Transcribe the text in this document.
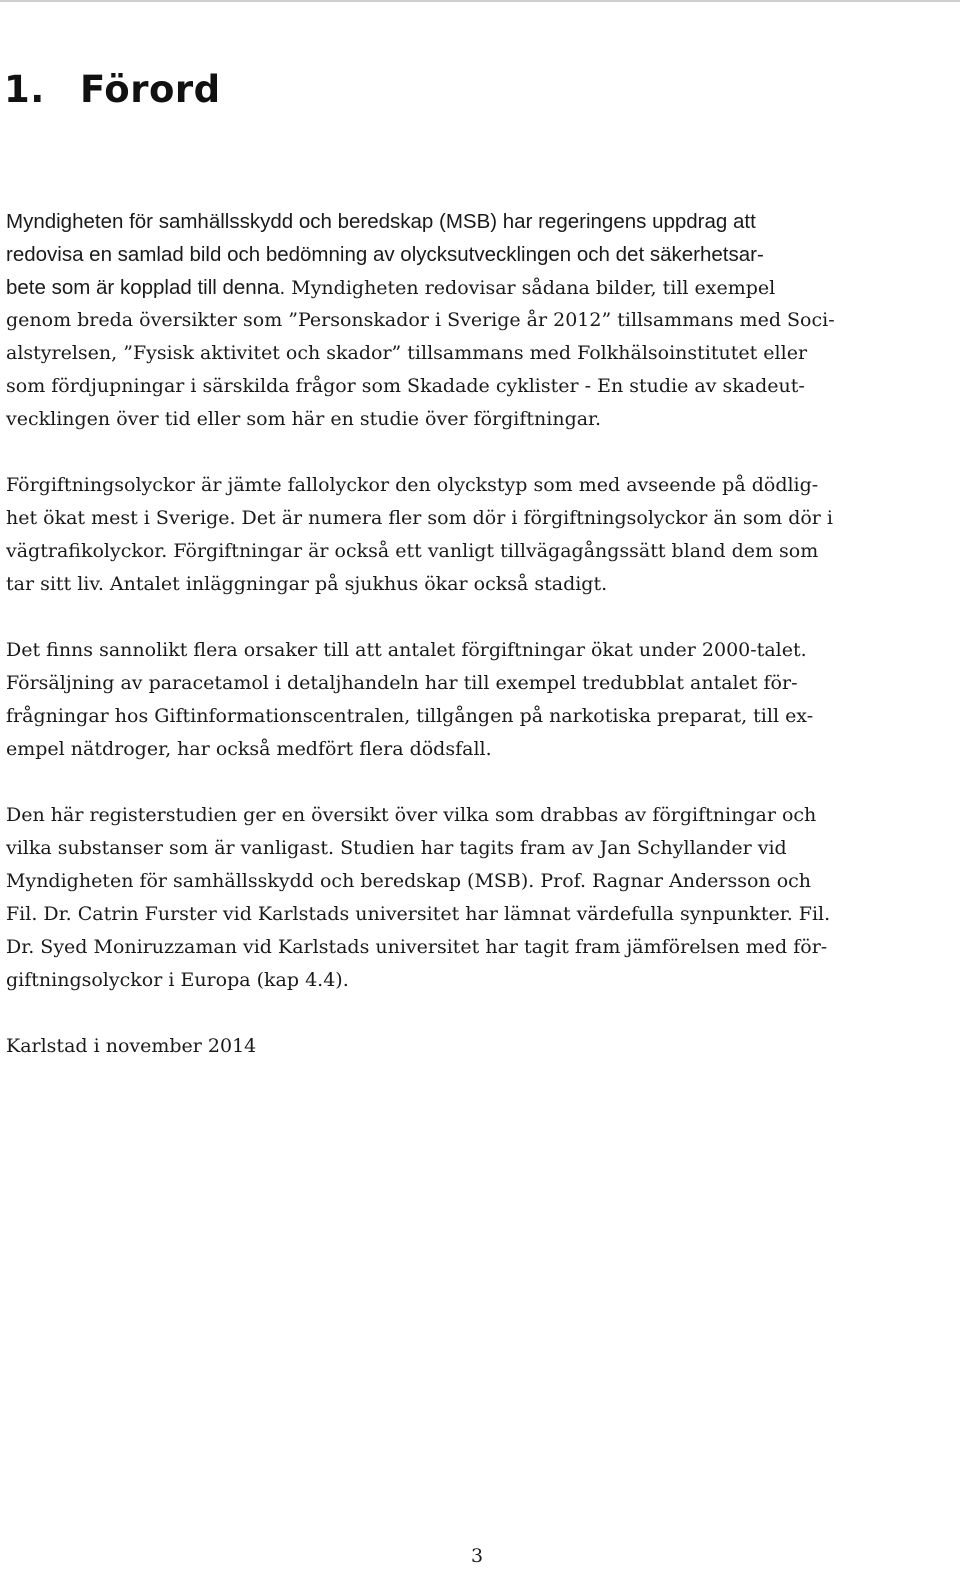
1. Förord
Myndigheten för samhällsskydd och beredskap (MSB) har regeringens uppdrag att
redovisa en samlad bild och bedömning av olycksutvecklingen och det säkerhetsar-
bete som är kopplad till denna. Myndigheten redovisar sådana bilder, till exempel
genom breda översikter som ”Personskador i Sverige år 2012” tillsammans med Soci-
alstyrelsen, ”Fysisk aktivitet och skador” tillsammans med Folkhälsoinstitutet eller
som fördjupningar i särskilda frågor som Skadade cyklister - En studie av skadeut-
vecklingen över tid eller som här en studie över förgiftningar.
Förgiftningsolyckor är jämte fallolyckor den olyckstyp som med avseende på dödlig-
het ökat mest i Sverige. Det är numera fler som dör i förgiftningsolyckor än som dör i
vägtrafikolyckor. Förgiftningar är också ett vanligt tillvägagångssätt bland dem som
tar sitt liv. Antalet inläggningar på sjukhus ökar också stadigt.
Det finns sannolikt flera orsaker till att antalet förgiftningar ökat under 2000-talet.
Försäljning av paracetamol i detaljhandeln har till exempel tredubblat antalet för-
frågningar hos Giftinformationscentralen, tillgången på narkotiska preparat, till ex-
empel nätdroger, har också medfört flera dödsfall.
Den här registerstudien ger en översikt över vilka som drabbas av förgiftningar och
vilka substanser som är vanligast. Studien har tagits fram av Jan Schyllander vid
Myndigheten för samhällsskydd och beredskap (MSB). Prof. Ragnar Andersson och
Fil. Dr. Catrin Furster vid Karlstads universitet har lämnat värdefulla synpunkter. Fil.
Dr. Syed Moniruzzaman vid Karlstads universitet har tagit fram jämförelsen med för-
giftningsolyckor i Europa (kap 4.4).
Karlstad i november 2014
3
